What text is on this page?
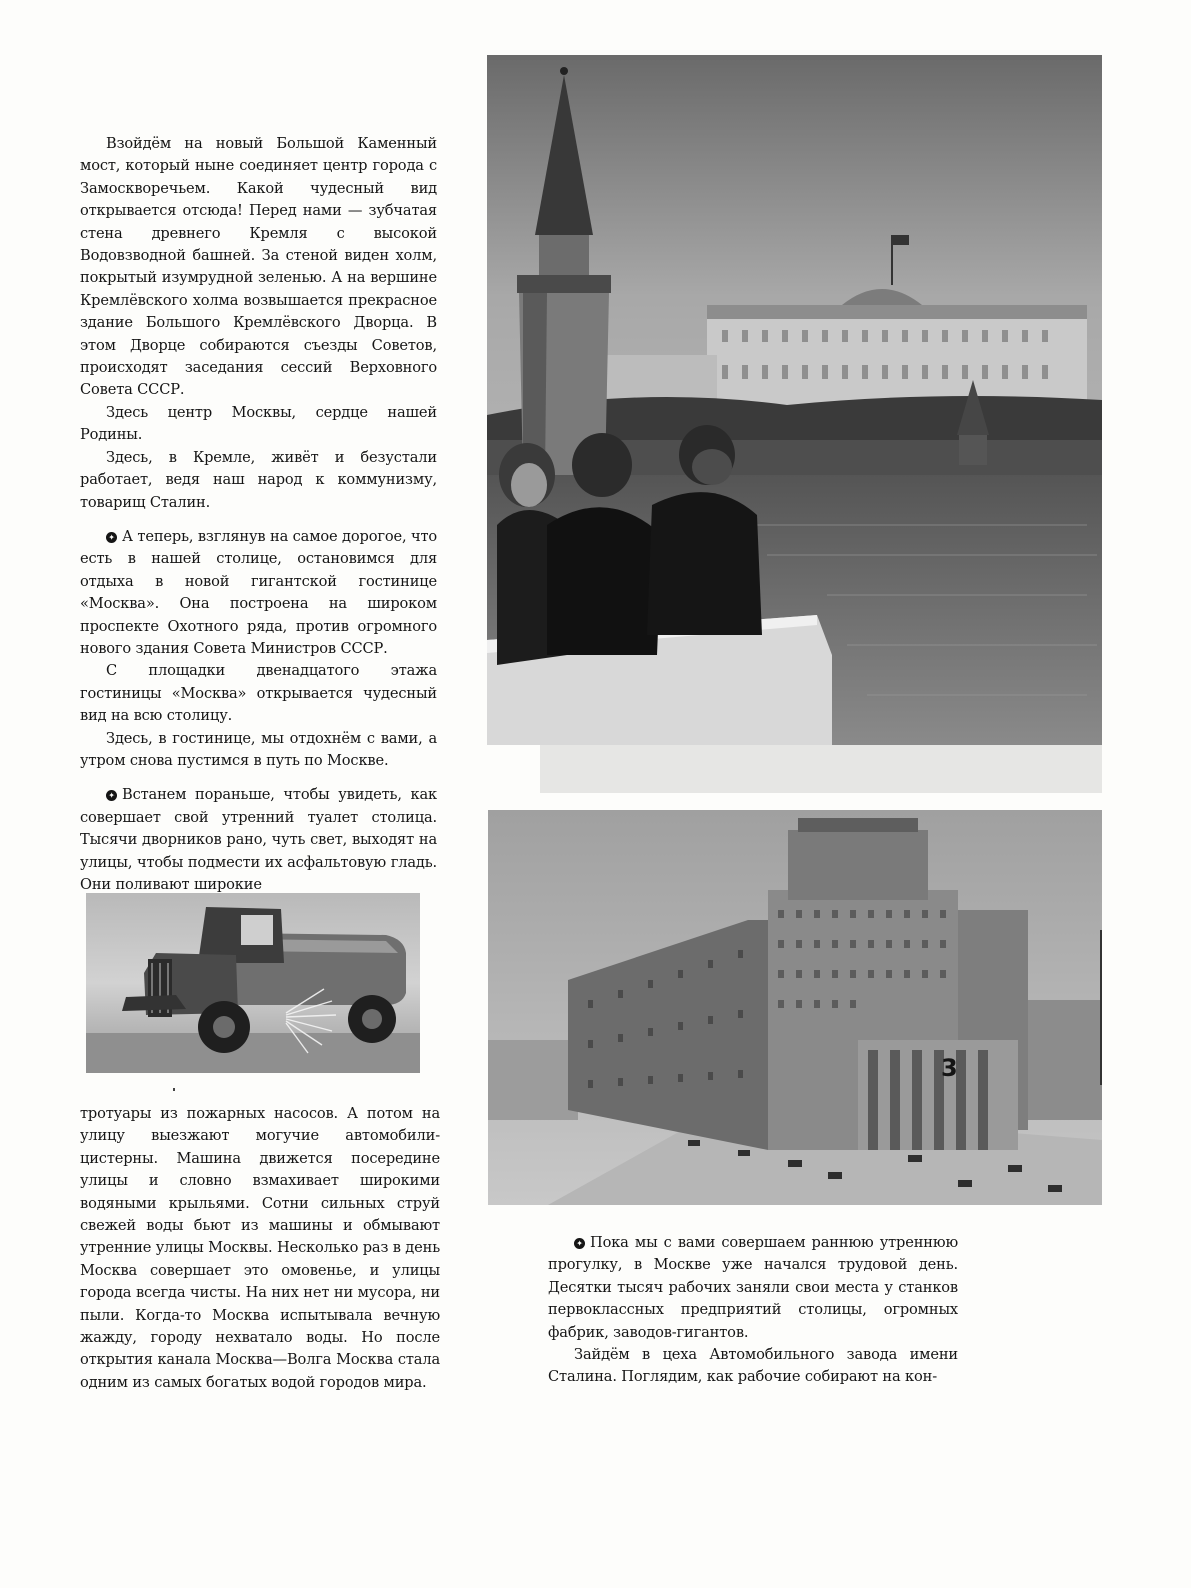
Взойдём на новый Большой Каменный мост, который ныне соединяет центр города с Замоскворечьем. Какой чудесный вид открывается отсюда! Перед нами — зубчатая стена древнего Кремля с высокой Водовзводной башней. За стеной виден холм, покрытый изумрудной зеленью. А на вершине Кремлёвского холма возвышается прекрасное здание Большого Кремлёвского Дворца. В этом Дворце собираются съезды Советов, происходят заседания сессий Верховного Совета СССР.

Здесь центр Москвы, сердце нашей Родины.

Здесь, в Кремле, живёт и безустали работает, ведя наш народ к коммунизму, товарищ Сталин.

✦А теперь, взглянув на самое дорогое, что есть в нашей столице, остановимся для отдыха в новой гигантской гостинице «Москва». Она построена на широком проспекте Охотного ряда, против огромного нового здания Совета Министров СССР.

С площадки двенадцатого этажа гостиницы «Москва» открывается чудесный вид на всю столицу.

Здесь, в гостинице, мы отдохнём с вами, а утром снова пустимся в путь по Москве.

✦Встанем пораньше, чтобы увидеть, как совершает свой утренний туалет столица. Тысячи дворников рано, чуть свет, выходят на улицы, чтобы подмести их асфальтовую гладь. Они поливают широкие

тротуары из пожарных насосов. А потом на улицу выезжают могучие автомобили-цистерны. Машина движется посередине улицы и словно взмахивает широкими водяными крыльями. Сотни сильных струй свежей воды бьют из машины и обмывают утренние улицы Москвы. Несколько раз в день Москва совершает это омовенье, и улицы города всегда чисты. На них нет ни мусора, ни пыли. Когда-то Москва испытывала вечную жажду, городу нехватало воды. Но после открытия канала Москва—Волга Москва стала одним из самых богатых водой городов мира.

✦Пока мы с вами совершаем раннюю утреннюю прогулку, в Москве уже начался трудовой день. Десятки тысяч рабочих заняли свои места у станков первоклассных предприятий столицы, огромных фабрик, заводов-гигантов.

Зайдём в цеха Автомобильного завода имени Сталина. Поглядим, как рабочие собирают на кон-

3
